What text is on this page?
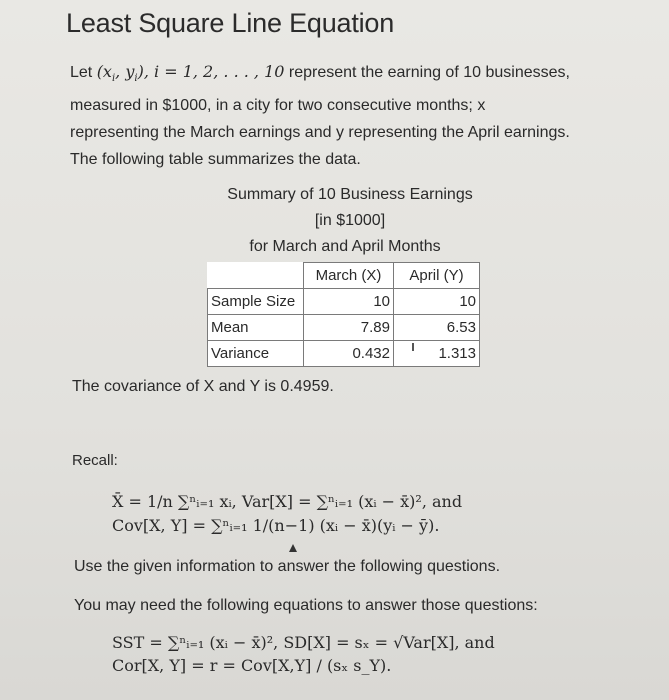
Least Square Line Equation
Let ($x_i$, $y_i$), i = 1, 2, . . . , 10 represent the earning of 10 businesses,
measured in $1000, in a city for two consecutive months; x
representing the March earnings and y representing the April earnings.
The following table summarizes the data.
Summary of 10 Business Earnings
[in $1000]
for March and April Months
	March (X)	April (Y)
Sample Size	10	10
Mean	7.89	6.53
Variance	0.432	1.313
The covariance of X and Y is 0.4959.
Recall:
X̄ = 1/n ∑ⁿᵢ₌₁ xᵢ, Var[X] = ∑ⁿᵢ₌₁ (xᵢ − x̄)², and
Cov[X, Y] = ∑ⁿᵢ₌₁ 1/(n−1) (xᵢ − x̄)(yᵢ − ȳ).
Use the given information to answer the following questions.
You may need the following equations to answer those questions:
SST = ∑ⁿᵢ₌₁ (xᵢ − x̄)², SD[X] = sₓ = √Var[X], and
Cor[X, Y] = r = Cov[X,Y] / (sₓ s_Y).
